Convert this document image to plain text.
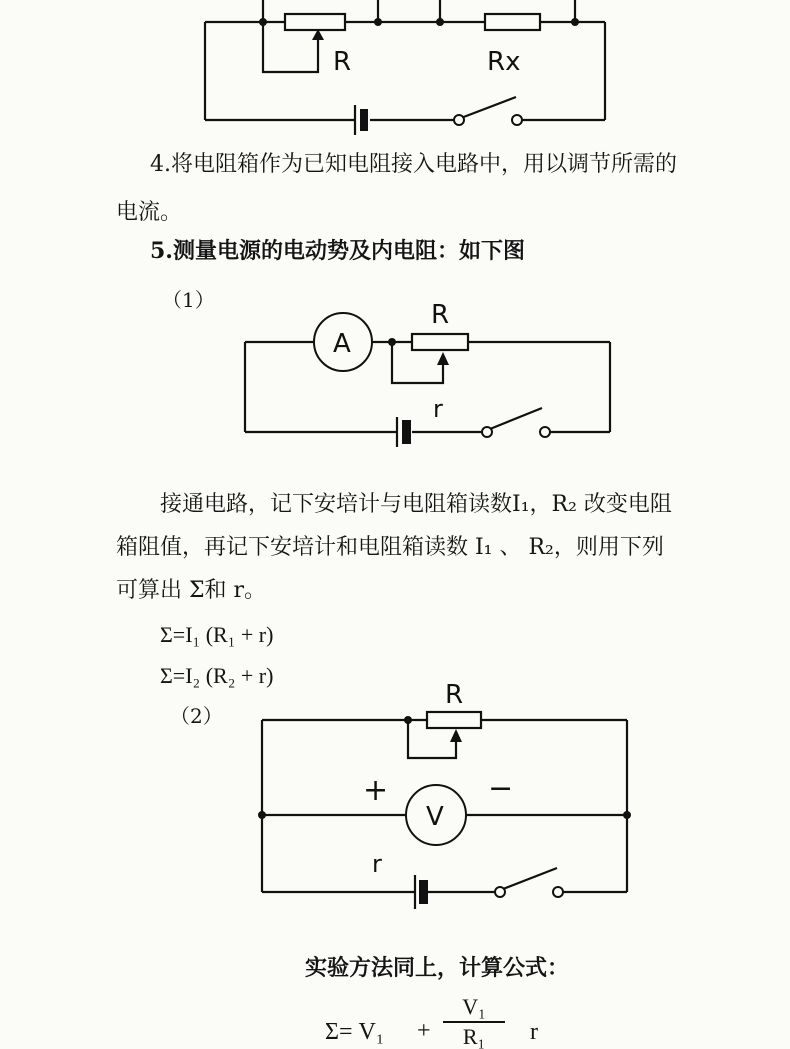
R	Rx
A
R
r
R
V
+	−
r
4.将电阻箱作为已知电阻接入电路中，用以调节所需的
电流。
5.测量电源的电动势及内电阻：如下图
（1）
接通电路，记下安培计与电阻箱读数I₁，R₂ 改变电阻
箱阻值，再记下安培计和电阻箱读数 I₁ 、 R₂，则用下列
可算出 Σ和 r。
Σ=I₁ (R₁ + r)
Σ=I₂ (R₂ + r)
（2）
实验方法同上，计算公式：
Σ= V₁ +
V₁
R₁ r
